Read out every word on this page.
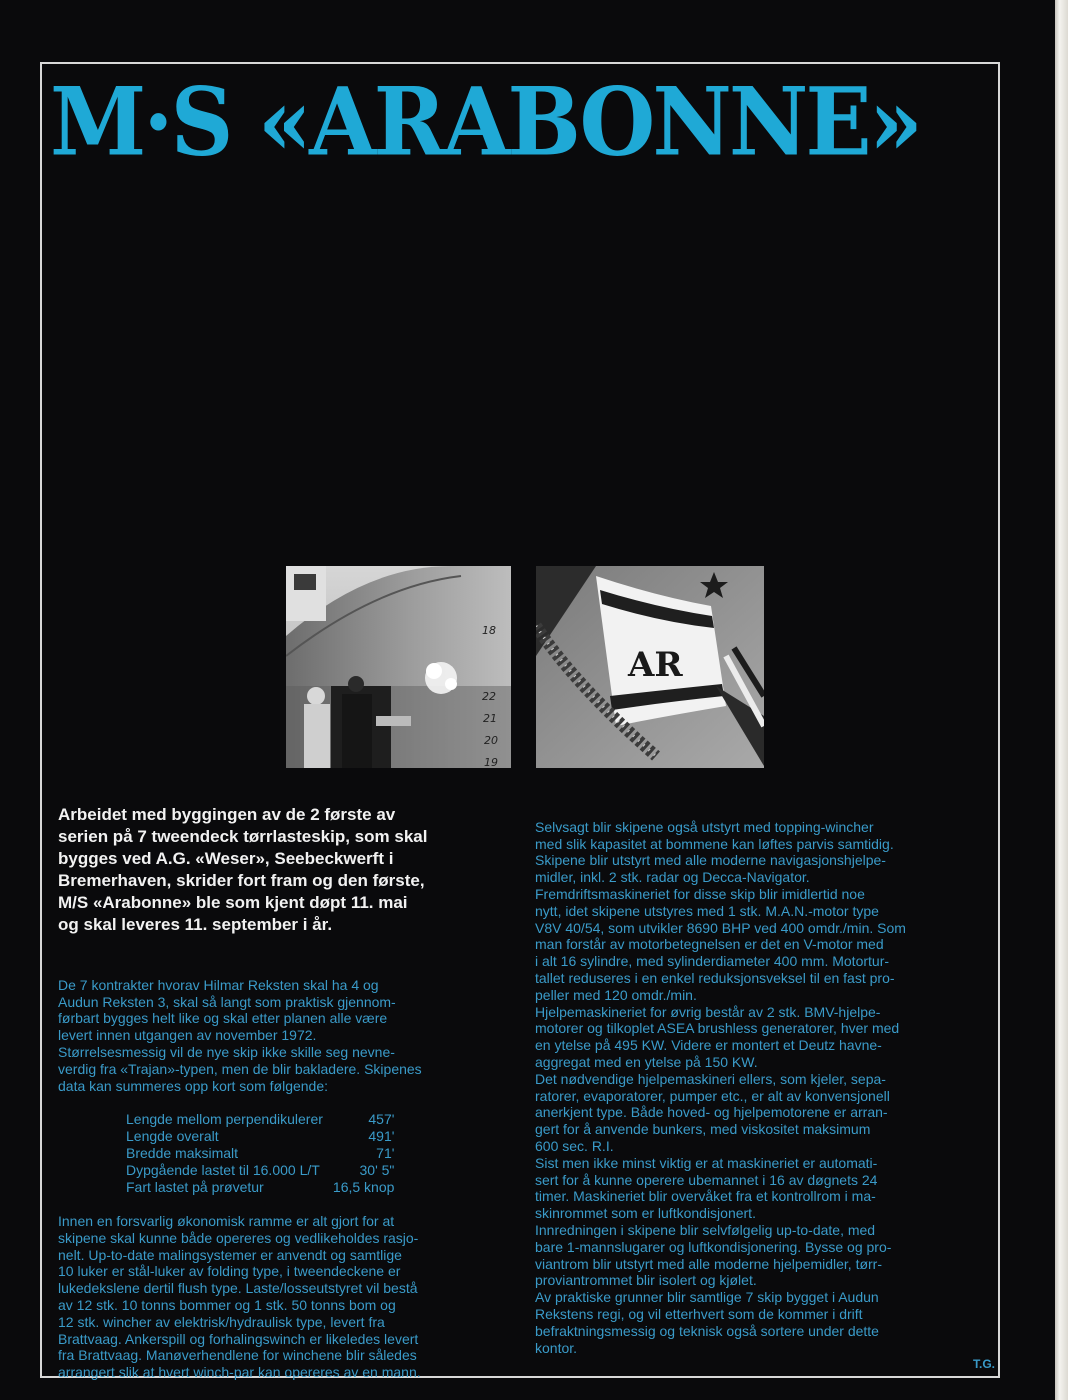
M·S «ARABONNE»
22
21
20
19
18
AR
Arbeidet med byggingen av de 2 første av
serien på 7 tweendeck tørrlasteskip, som skal
bygges ved A.G. «Weser», Seebeckwerft i
Bremerhaven, skrider fort fram og den første,
M/S «Arabonne» ble som kjent døpt 11. mai
og skal leveres 11. september i år.

De 7 kontrakter hvorav Hilmar Reksten skal ha 4 og
Audun Reksten 3, skal så langt som praktisk gjennom-
førbart bygges helt like og skal etter planen alle være
levert innen utgangen av november 1972.
Størrelsesmessig vil de nye skip ikke skille seg nevne-
verdig fra «Trajan»-typen, men de blir bakladere. Skipenes
data kan summeres opp kort som følgende:

Lengde mellom perpendikulerer	457'
Lengde overalt	491'
Bredde maksimalt	71'
Dypgående lastet til 16.000 L/T	30' 5"
Fart lastet på prøvetur	16,5 knop

Innen en forsvarlig økonomisk ramme er alt gjort for at
skipene skal kunne både opereres og vedlikeholdes rasjo-
nelt. Up-to-date malingsystemer er anvendt og samtlige
10 luker er stål-luker av folding type, i tweendeckene er
lukedekslene dertil flush type. Laste/losseutstyret vil bestå
av 12 stk. 10 tonns bommer og 1 stk. 50 tonns bom og
12 stk. wincher av elektrisk/hydraulisk type, levert fra
Brattvaag. Ankerspill og forhalingswinch er likeledes levert
fra Brattvaag. Manøverhendlene for winchene blir således
arrangert slik at hvert winch-par kan opereres av en mann.

Selvsagt blir skipene også utstyrt med topping-wincher
med slik kapasitet at bommene kan løftes parvis samtidig.
Skipene blir utstyrt med alle moderne navigasjonshjelpe-
midler, inkl. 2 stk. radar og Decca-Navigator.
Fremdriftsmaskineriet for disse skip blir imidlertid noe
nytt, idet skipene utstyres med 1 stk. M.A.N.-motor type
V8V 40/54, som utvikler 8690 BHP ved 400 omdr./min. Som
man forstår av motorbetegnelsen er det en V-motor med
i alt 16 sylindre, med sylinderdiameter 400 mm. Motortur-
tallet reduseres i en enkel reduksjonsveksel til en fast pro-
peller med 120 omdr./min.
Hjelpemaskineriet for øvrig består av 2 stk. BMV-hjelpe-
motorer og tilkoplet ASEA brushless generatorer, hver med
en ytelse på 495 KW. Videre er montert et Deutz havne-
aggregat med en ytelse på 150 KW.
Det nødvendige hjelpemaskineri ellers, som kjeler, sepa-
ratorer, evaporatorer, pumper etc., er alt av konvensjonell
anerkjent type. Både hoved- og hjelpemotorene er arran-
gert for å anvende bunkers, med viskositet maksimum
600 sec. R.I.
Sist men ikke minst viktig er at maskineriet er automati-
sert for å kunne operere ubemannet i 16 av døgnets 24
timer. Maskineriet blir overvåket fra et kontrollrom i ma-
skinrommet som er luftkondisjonert.
Innredningen i skipene blir selvfølgelig up-to-date, med
bare 1-mannslugarer og luftkondisjonering. Bysse og pro-
viantrom blir utstyrt med alle moderne hjelpemidler, tørr-
proviantrommet blir isolert og kjølet.
Av praktiske grunner blir samtlige 7 skip bygget i Audun
Rekstens regi, og vil etterhvert som de kommer i drift
befraktningsmessig og teknisk også sortere under dette
kontor.

T.G.
